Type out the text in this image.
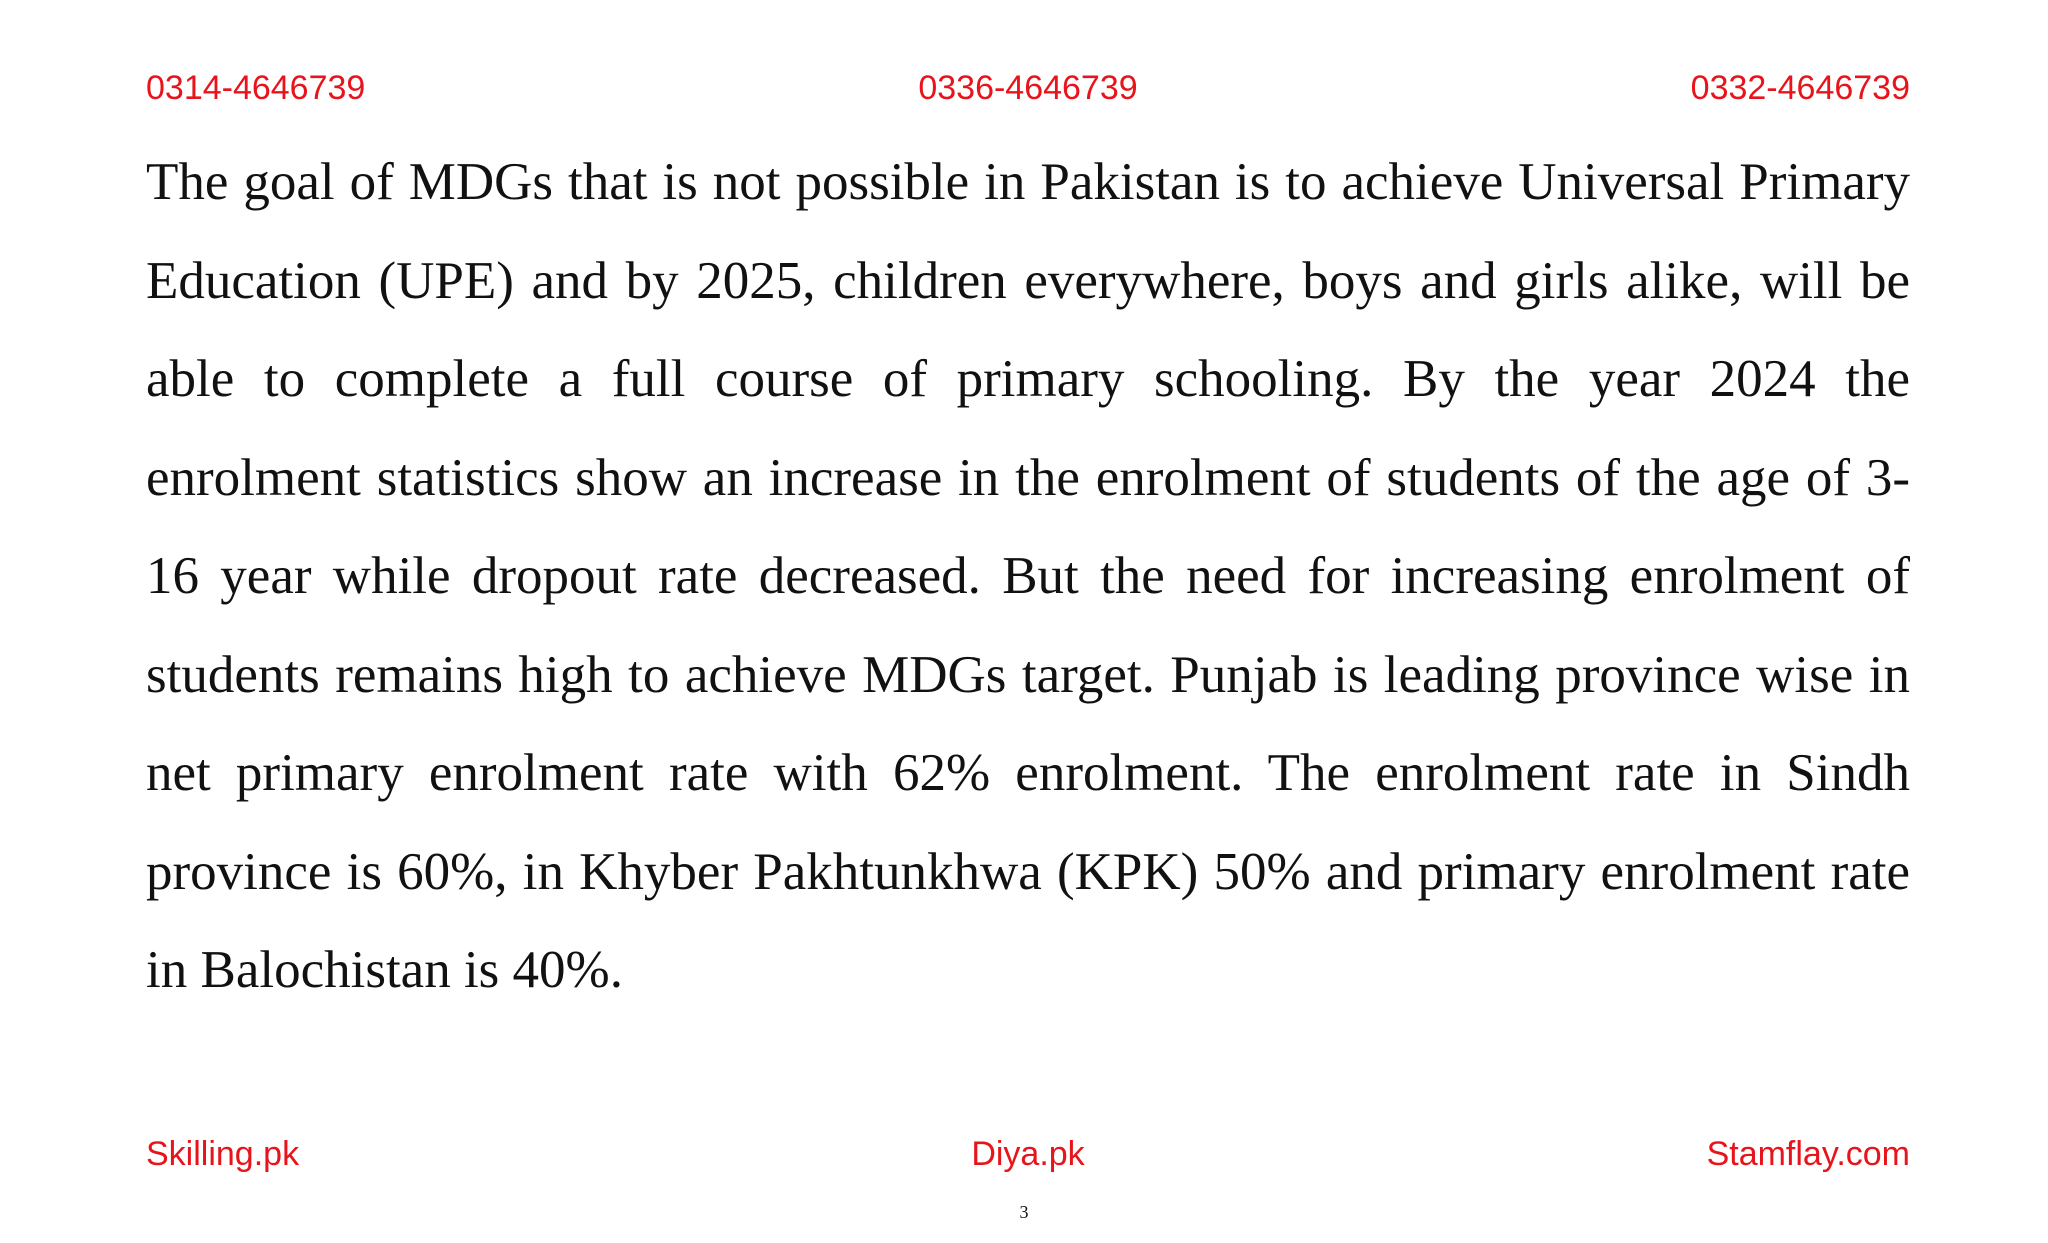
0314-4646739	0336-4646739	0332-4646739

The goal of MDGs that is not possible in Pakistan is to achieve Universal Primary Education (UPE) and by 2025, children everywhere, boys and girls alike, will be able to complete a full course of primary schooling. By the year 2024 the enrolment statistics show an increase in the enrolment of students of the age of 3-16 year while dropout rate decreased. But the need for increasing enrolment of students remains high to achieve MDGs target. Punjab is leading province wise in net primary enrolment rate with 62% enrolment. The enrolment rate in Sindh province is 60%, in Khyber Pakhtunkhwa (KPK) 50% and primary enrolment rate in Balochistan is 40%.

Skilling.pk	Diya.pk	Stamflay.com
3
